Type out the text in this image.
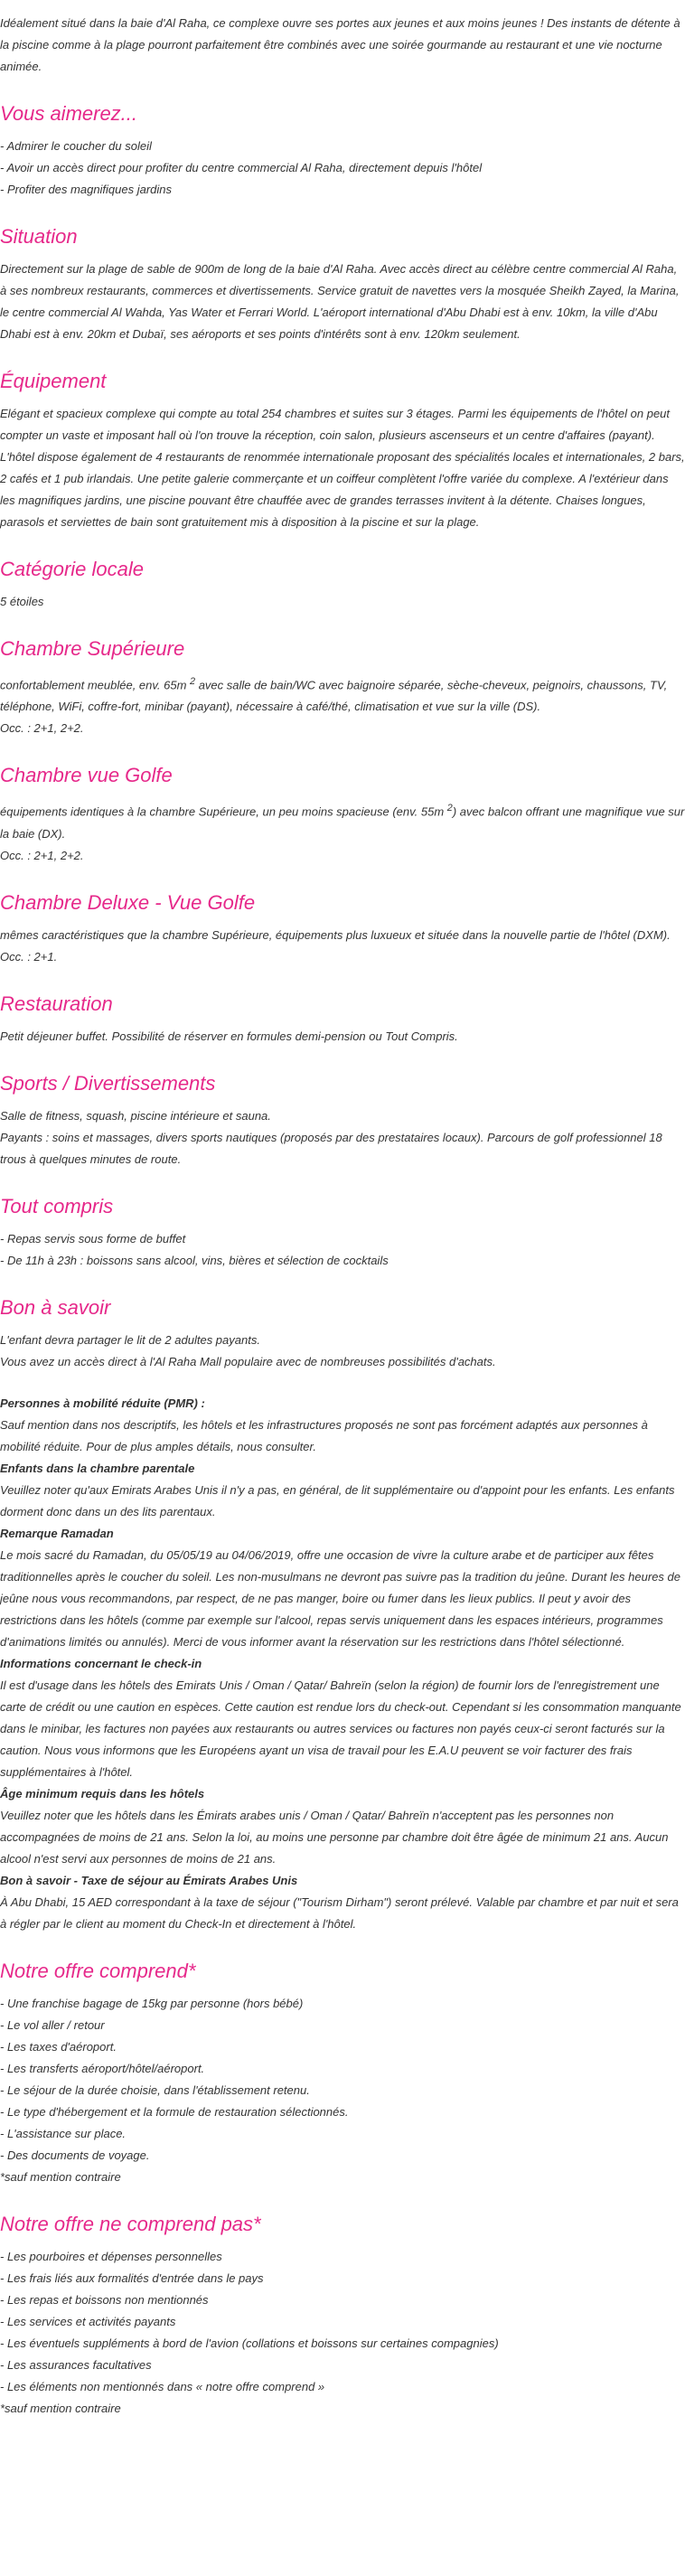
Idéalement situé dans la baie d'Al Raha, ce complexe ouvre ses portes aux jeunes et aux moins jeunes ! Des instants de détente à la piscine comme à la plage pourront parfaitement être combinés avec une soirée gourmande au restaurant et une vie nocturne animée.

Vous aimerez...
- Admirer le coucher du soleil
- Avoir un accès direct pour profiter du centre commercial Al Raha, directement depuis l'hôtel
- Profiter des magnifiques jardins
Situation

Directement sur la plage de sable de 900m de long de la baie d'Al Raha. Avec accès direct au célèbre centre commercial Al Raha, à ses nombreux restaurants, commerces et divertissements. Service gratuit de navettes vers la mosquée Sheikh Zayed, la Marina, le centre commercial Al Wahda, Yas Water et Ferrari World. L'aéroport international d'Abu Dhabi est à env. 10km, la ville d'Abu Dhabi est à env. 20km et Dubaï, ses aéroports et ses points d'intérêts sont à env. 120km seulement.

Équipement

Elégant et spacieux complexe qui compte au total 254 chambres et suites sur 3 étages. Parmi les équipements de l'hôtel on peut compter un vaste et imposant hall où l'on trouve la réception, coin salon, plusieurs ascenseurs et un centre d'affaires (payant). L'hôtel dispose également de 4 restaurants de renommée internationale proposant des spécialités locales et internationales, 2 bars, 2 cafés et 1 pub irlandais. Une petite galerie commerçante et un coiffeur complètent l'offre variée du complexe. A l'extérieur dans les magnifiques jardins, une piscine pouvant être chauffée avec de grandes terrasses invitent à la détente. Chaises longues, parasols et serviettes de bain sont gratuitement mis à disposition à la piscine et sur la plage.

Catégorie locale

5 étoiles

Chambre Supérieure

confortablement meublée, env. 65m $^2$ avec salle de bain/WC avec baignoire séparée, sèche-cheveux, peignoirs, chaussons, TV, téléphone, WiFi, coffre-fort, minibar (payant), nécessaire à café/thé, climatisation et vue sur la ville (DS).

Occ. : 2+1, 2+2.

Chambre vue Golfe

équipements identiques à la chambre Supérieure, un peu moins spacieuse (env. 55m $^2$) avec balcon offrant une magnifique vue sur la baie (DX).

Occ. : 2+1, 2+2.

Chambre Deluxe - Vue Golfe

mêmes caractéristiques que la chambre Supérieure, équipements plus luxueux et située dans la nouvelle partie de l'hôtel (DXM).

Occ. : 2+1.

Restauration

Petit déjeuner buffet. Possibilité de réserver en formules demi-pension ou Tout Compris.

Sports / Divertissements

Salle de fitness, squash, piscine intérieure et sauna.
Payants : soins et massages, divers sports nautiques (proposés par des prestataires locaux). Parcours de golf professionnel 18 trous à quelques minutes de route.

Tout compris
- Repas servis sous forme de buffet
- De 11h à 23h : boissons sans alcool, vins, bières et sélection de cocktails
Bon à savoir

L'enfant devra partager le lit de 2 adultes payants.
Vous avez un accès direct à l'Al Raha Mall populaire avec de nombreuses possibilités d'achats.

Personnes à mobilité réduite (PMR) :

Sauf mention dans nos descriptifs, les hôtels et les infrastructures proposés ne sont pas forcément adaptés aux personnes à mobilité réduite. Pour de plus amples détails, nous consulter.

Enfants dans la chambre parentale

Veuillez noter qu'aux Emirats Arabes Unis il n'y a pas, en général, de lit supplémentaire ou d'appoint pour les enfants. Les enfants dorment donc dans un des lits parentaux.

Remarque Ramadan

Le mois sacré du Ramadan, du 05/05/19 au 04/06/2019, offre une occasion de vivre la culture arabe et de participer aux fêtes traditionnelles après le coucher du soleil. Les non-musulmans ne devront pas suivre pas la tradition du jeûne. Durant les heures de jeûne nous vous recommandons, par respect, de ne pas manger, boire ou fumer dans les lieux publics. Il peut y avoir des restrictions dans les hôtels (comme par exemple sur l'alcool, repas servis uniquement dans les espaces intérieurs, programmes d'animations limités ou annulés). Merci de vous informer avant la réservation sur les restrictions dans l'hôtel sélectionné.

Informations concernant le check-in

Il est d'usage dans les hôtels des Emirats Unis / Oman / Qatar/ Bahreïn (selon la région) de fournir lors de l'enregistrement une carte de crédit ou une caution en espèces. Cette caution est rendue lors du check-out. Cependant si les consommation manquante dans le minibar, les factures non payées aux restaurants ou autres services ou factures non payés ceux-ci seront facturés sur la caution. Nous vous informons que les Européens ayant un visa de travail pour les E.A.U peuvent se voir facturer des frais supplémentaires à l'hôtel.

Âge minimum requis dans les hôtels

Veuillez noter que les hôtels dans les Émirats arabes unis / Oman / Qatar/ Bahreïn n'acceptent pas les personnes non accompagnées de moins de 21 ans. Selon la loi, au moins une personne par chambre doit être âgée de minimum 21 ans. Aucun alcool n'est servi aux personnes de moins de 21 ans.

Bon à savoir - Taxe de séjour au Émirats Arabes Unis

À Abu Dhabi, 15 AED correspondant à la taxe de séjour ("Tourism Dirham") seront prélevé. Valable par chambre et par nuit et sera à régler par le client au moment du Check-In et directement à l'hôtel.

Notre offre comprend*
- Une franchise bagage de 15kg par personne (hors bébé)
- Le vol aller / retour
- Les taxes d'aéroport.
- Les transferts aéroport/hôtel/aéroport.
- Le séjour de la durée choisie, dans l'établissement retenu.
- Le type d'hébergement et la formule de restauration sélectionnés.
- L'assistance sur place.
- Des documents de voyage.
*sauf mention contraire
Notre offre ne comprend pas*
- Les pourboires et dépenses personnelles
- Les frais liés aux formalités d'entrée dans le pays
- Les repas et boissons non mentionnés
- Les services et activités payants
- Les éventuels suppléments à bord de l'avion (collations et boissons sur certaines compagnies)
- Les assurances facultatives
- Les éléments non mentionnés dans « notre offre comprend »
*sauf mention contraire
